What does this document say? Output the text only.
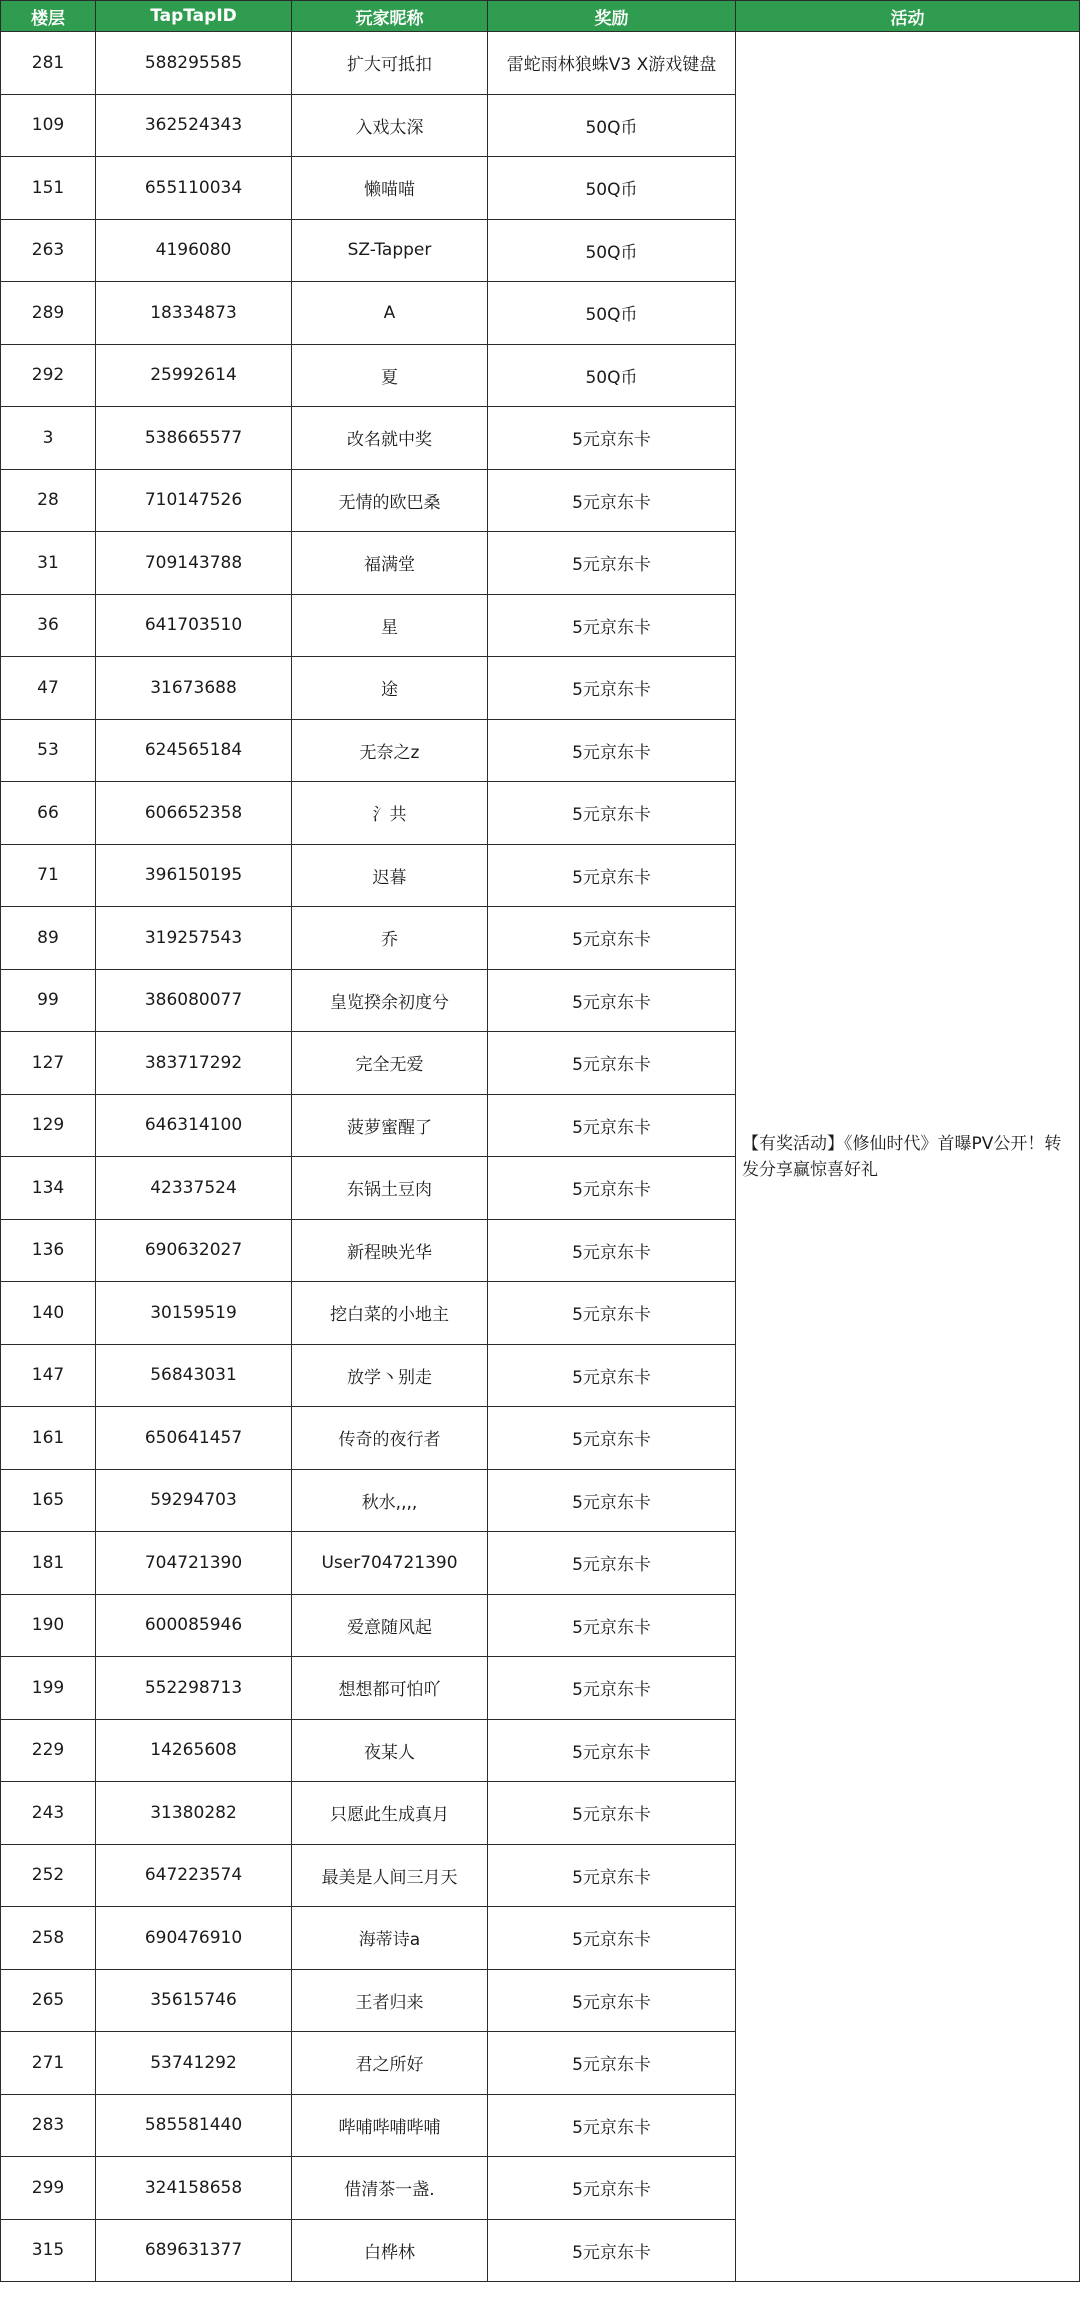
楼层	TapTapID	玩家昵称	奖励	活动
281	588295585	扩大可抵扣	雷蛇雨林狼蛛V3 X游戏键盘	【有奖活动】《修仙时代》首曝PV公开！转发分享赢惊喜好礼
109	362524343	入戏太深	50Q币	
151	655110034	懒喵喵	50Q币	
263	4196080	SZ-Tapper	50Q币	
289	18334873	A	50Q币	
292	25992614	夏	50Q币	
3	538665577	改名就中奖	5元京东卡	
28	710147526	无情的欧巴桑	5元京东卡	
31	709143788	福满堂	5元京东卡	
36	641703510	星	5元京东卡	
47	31673688	途	5元京东卡	
53	624565184	无奈之z	5元京东卡	
66	606652358	氵共	5元京东卡	
71	396150195	迟暮	5元京东卡	
89	319257543	乔	5元京东卡	
99	386080077	皇览揆余初度兮	5元京东卡	
127	383717292	完全无爱	5元京东卡	
129	646314100	菠萝蜜醒了	5元京东卡	
134	42337524	东锅土豆肉	5元京东卡	
136	690632027	新程映光华	5元京东卡	
140	30159519	挖白菜的小地主	5元京东卡	
147	56843031	放学丶别走	5元京东卡	
161	650641457	传奇的夜行者	5元京东卡	
165	59294703	秋水,,,,	5元京东卡	
181	704721390	User704721390	5元京东卡	
190	600085946	爱意随风起	5元京东卡	
199	552298713	想想都可怕吖	5元京东卡	
229	14265608	夜某人	5元京东卡	
243	31380282	只愿此生成真月	5元京东卡	
252	647223574	最美是人间三月天	5元京东卡	
258	690476910	海蒂诗a	5元京东卡	
265	35615746	王者归来	5元京东卡	
271	53741292	君之所好	5元京东卡	
283	585581440	哔哺哔哺哔哺	5元京东卡	
299	324158658	借清茶一盏.	5元京东卡	
315	689631377	白桦林	5元京东卡	
